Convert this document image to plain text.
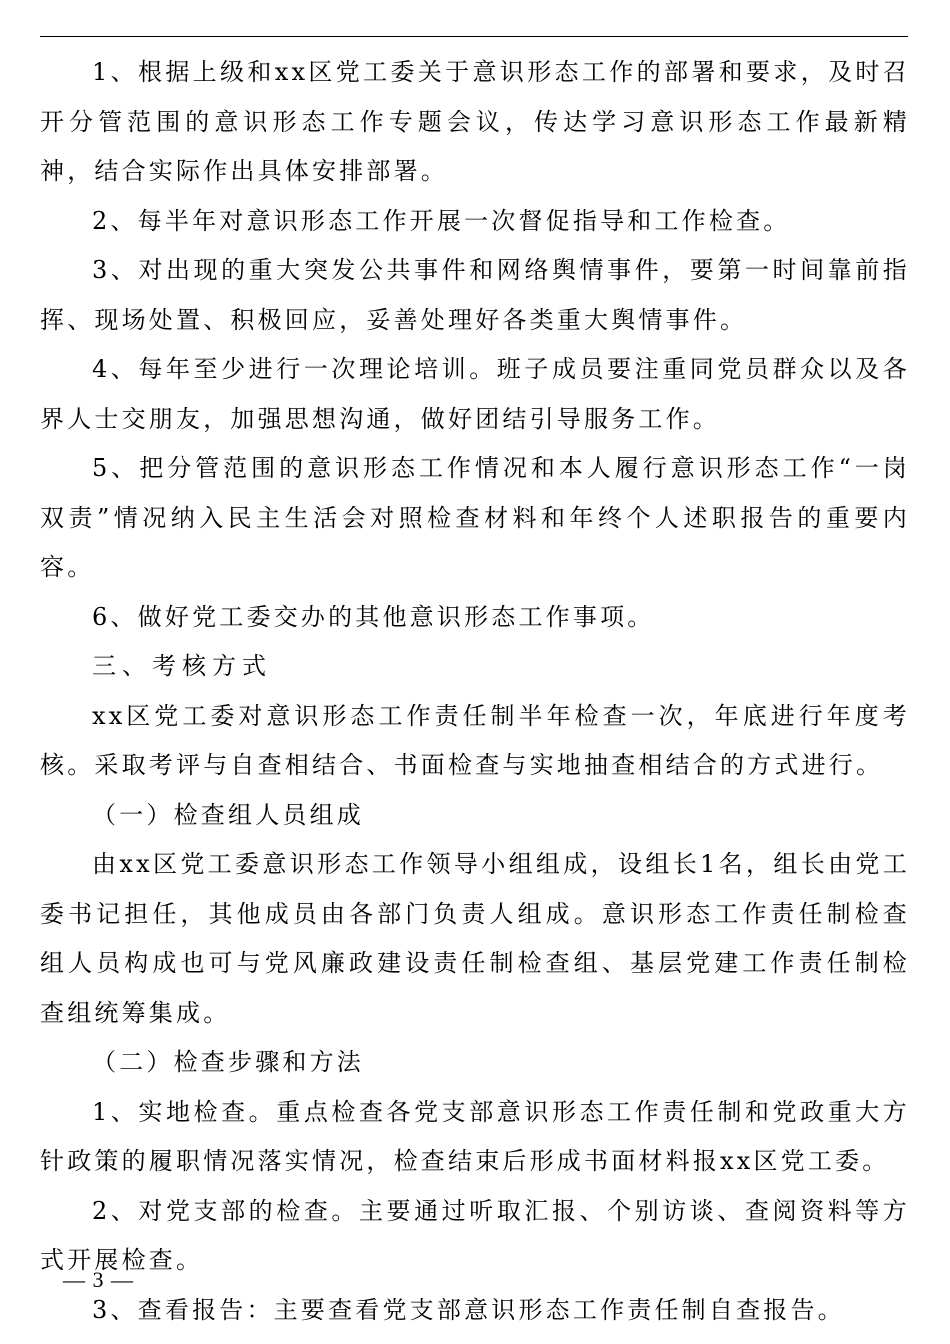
1、根据上级和xx区党工委关于意识形态工作的部署和要求，及时召开分管范围的意识形态工作专题会议，传达学习意识形态工作最新精神，结合实际作出具体安排部署。

2、每半年对意识形态工作开展一次督促指导和工作检查。

3、对出现的重大突发公共事件和网络舆情事件，要第一时间靠前指挥、现场处置、积极回应，妥善处理好各类重大舆情事件。

4、每年至少进行一次理论培训。班子成员要注重同党员群众以及各界人士交朋友，加强思想沟通，做好团结引导服务工作。

5、把分管范围的意识形态工作情况和本人履行意识形态工作“一岗双责”情况纳入民主生活会对照检查材料和年终个人述职报告的重要内容。

6、做好党工委交办的其他意识形态工作事项。

三、考核方式

xx区党工委对意识形态工作责任制半年检查一次，年底进行年度考核。采取考评与自查相结合、书面检查与实地抽查相结合的方式进行。

（一）检查组人员组成

由xx区党工委意识形态工作领导小组组成，设组长1名，组长由党工委书记担任，其他成员由各部门负责人组成。意识形态工作责任制检查组人员构成也可与党风廉政建设责任制检查组、基层党建工作责任制检查组统筹集成。

（二）检查步骤和方法

1、实地检查。重点检查各党支部意识形态工作责任制和党政重大方针政策的履职情况落实情况，检查结束后形成书面材料报xx区党工委。

2、对党支部的检查。主要通过听取汇报、个别访谈、查阅资料等方式开展检查。

3、查看报告：主要查看党支部意识形态工作责任制自查报告。

— 3 —
